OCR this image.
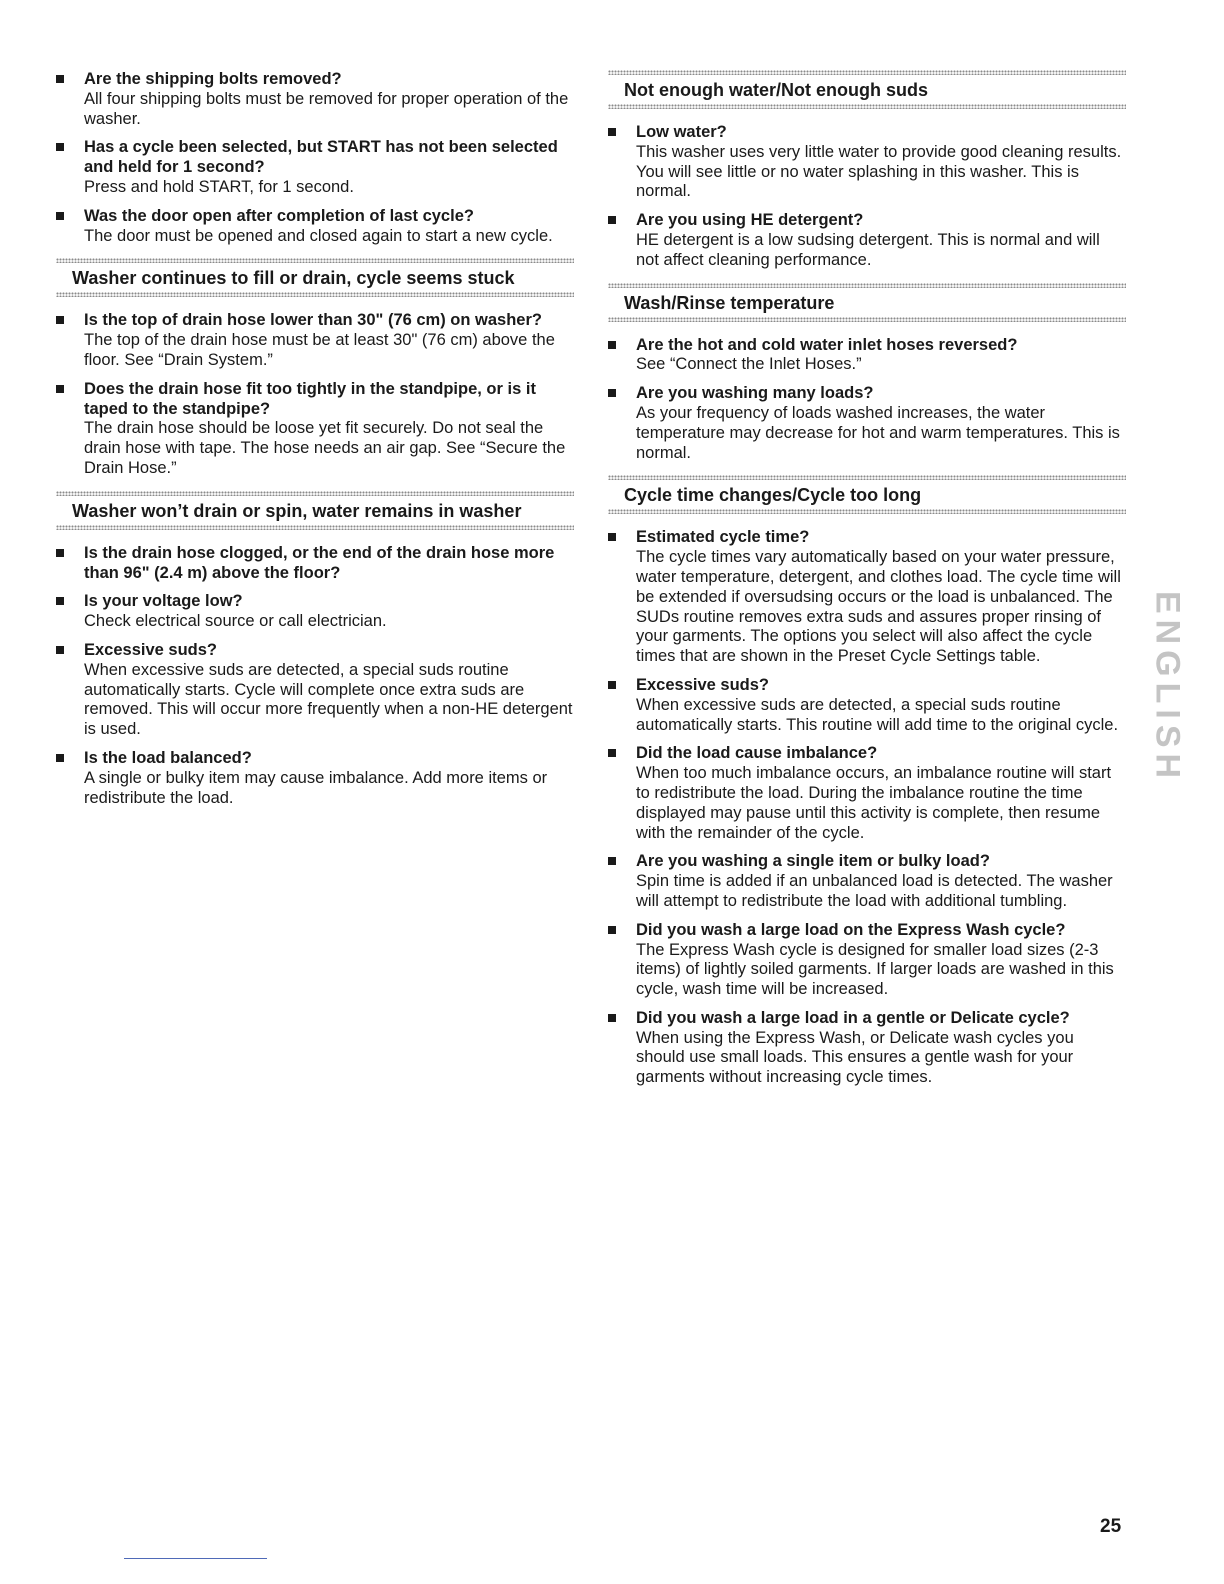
Are the shipping bolts removed?

All four shipping bolts must be removed for proper operation of the washer.

Has a cycle been selected, but START has not been selected and held for 1 second?

Press and hold START, for 1 second.

Was the door open after completion of last cycle?

The door must be opened and closed again to start a new cycle.

Washer continues to fill or drain, cycle seems stuck

Is the top of drain hose lower than 30" (76 cm) on washer?

The top of the drain hose must be at least 30" (76 cm) above the floor. See “Drain System.”

Does the drain hose fit too tightly in the standpipe, or is it taped to the standpipe?

The drain hose should be loose yet fit securely. Do not seal the drain hose with tape. The hose needs an air gap. See “Secure the Drain Hose.”

Washer won’t drain or spin, water remains in washer

Is the drain hose clogged, or the end of the drain hose more than 96" (2.4 m) above the floor?

Is your voltage low?

Check electrical source or call electrician.

Excessive suds?

When excessive suds are detected, a special suds routine automatically starts. Cycle will complete once extra suds are removed. This will occur more frequently when a non-HE detergent is used.

Is the load balanced?

A single or bulky item may cause imbalance. Add more items or redistribute the load.

Not enough water/Not enough suds

Low water?

This washer uses very little water to provide good cleaning results. You will see little or no water splashing in this washer. This is normal.

Are you using HE detergent?

HE detergent is a low sudsing detergent. This is normal and will not affect cleaning performance.

Wash/Rinse temperature

Are the hot and cold water inlet hoses reversed?

See “Connect the Inlet Hoses.”

Are you washing many loads?

As your frequency of loads washed increases, the water temperature may decrease for hot and warm temperatures. This is normal.

Cycle time changes/Cycle too long

Estimated cycle time?

The cycle times vary automatically based on your water pressure, water temperature, detergent, and clothes load. The cycle time will be extended if oversudsing occurs or the load is unbalanced. The SUDs routine removes extra suds and assures proper rinsing of your garments. The options you select will also affect the cycle times that are shown in the Preset Cycle Settings table.

Excessive suds?

When excessive suds are detected, a special suds routine automatically starts. This routine will add time to the original cycle.

Did the load cause imbalance?

When too much imbalance occurs, an imbalance routine will start to redistribute the load. During the imbalance routine the time displayed may pause until this activity is complete, then resume with the remainder of the cycle.

Are you washing a single item or bulky load?

Spin time is added if an unbalanced load is detected. The washer will attempt to redistribute the load with additional tumbling.

Did you wash a large load on the Express Wash cycle?

The Express Wash cycle is designed for smaller load sizes (2-3 items) of lightly soiled garments. If larger loads are washed in this cycle, wash time will be increased.

Did you wash a large load in a gentle or Delicate cycle?

When using the Express Wash, or Delicate wash cycles you should use small loads. This ensures a gentle wash for your garments without increasing cycle times.

ENGLISH
25
